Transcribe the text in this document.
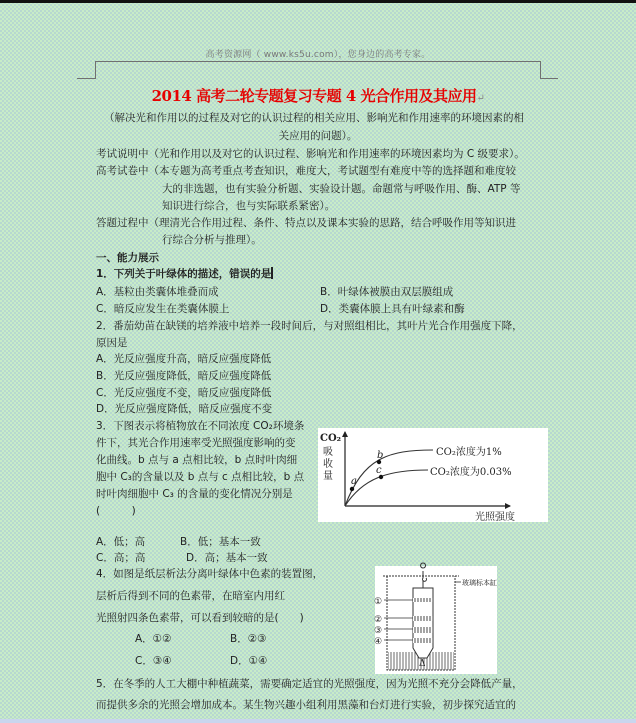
高考资源网（ www.ks5u.com），您身边的高考专家。
2014 高考二轮专题复习专题 4 光合作用及其应用↵
（解决光和作用以的过程及对它的认识过程的相关应用、影响光和作用速率的环境因素的相
关应用的问题）。
考试说明中（光和作用以及对它的认识过程、影响光和作用速率的环境因素均为 C 级要求）。
高考试卷中（本专题为高考重点考查知识，难度大，考试题型有难度中等的选择题和难度较
大的非选题，也有实验分析题、实验设计题。命题常与呼吸作用、酶、ATP 等
知识进行综合，也与实际联系紧密）。
答题过程中（理清光合作用过程、条件、特点以及课本实验的思路，结合呼吸作用等知识进
行综合分析与推理）。
一、能力展示
1．下列关于叶绿体的描述，错误的是
A．基粒由类囊体堆叠而成	B．叶绿体被膜由双层膜组成
C．暗反应发生在类囊体膜上	D．类囊体膜上具有叶绿素和酶
2．番茄幼苗在缺镁的培养液中培养一段时间后，与对照组相比，其叶片光合作用强度下降，
原因是
A．光反应强度升高，暗反应强度降低
B．光反应强度降低，暗反应强度降低
C．光反应强度不变，暗反应强度降低
D．光反应强度降低，暗反应强度不变
3．下图表示将植物放在不同浓度 CO₂环境条
件下，其光合作用速率受光照强度影响的变
化曲线。b 点与 a 点相比较，b 点时叶肉细
胞中 C₃的含量以及 b 点与 c 点相比较，b 点
时叶肉细胞中 C₃ 的含量的变化情况分别是
(　　　)
CO₂
吸
收
量 a
b
c
CO₂浓度为1%
CO₂浓度为0.03%
光照强度
A．低；高	B．低；基本一致
C．高；高	D．高；基本一致
4．如图是纸层析法分离叶绿体中色素的装置图，
层析后得到不同的色素带，在暗室内用红
光照射四条色素带，可以看到较暗的是(　　)
A．①②	B．②③
C．③④	D．①④
①
②
③
④
玻璃标本缸
Δ
5．在冬季的人工大棚中种植蔬菜，需要确定适宜的光照强度，因为光照不充分会降低产量，
而提供多余的光照会增加成本。某生物兴趣小组利用黑藻和台灯进行实验，初步探究适宜的
